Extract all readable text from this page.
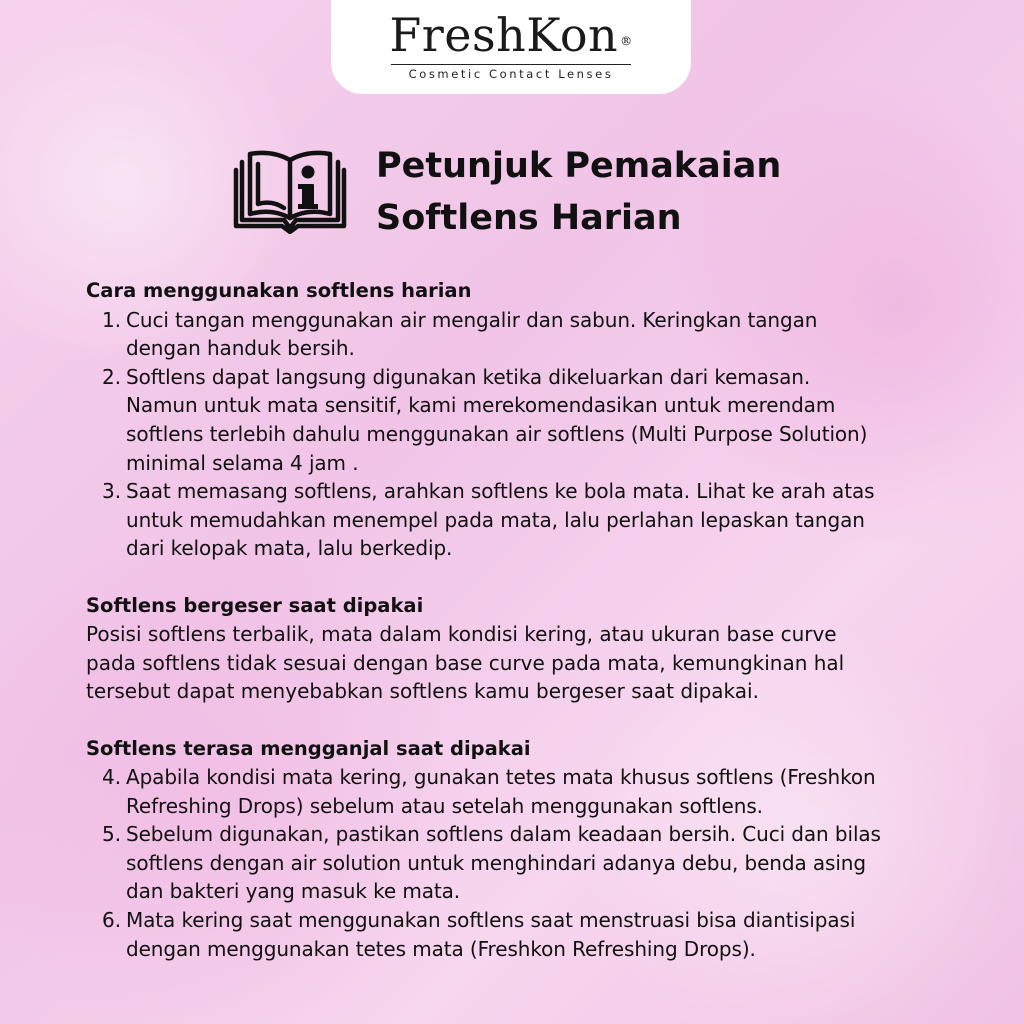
FreshKon ®
Cosmetic Contact Lenses
Petunjuk Pemakaian
Softlens Harian
Cara menggunakan softlens harian
1. Cuci tangan menggunakan air mengalir dan sabun. Keringkan tangan
dengan handuk bersih.
2. Softlens dapat langsung digunakan ketika dikeluarkan dari kemasan.
Namun untuk mata sensitif, kami merekomendasikan untuk merendam
softlens terlebih dahulu menggunakan air softlens (Multi Purpose Solution)
minimal selama 4 jam .
3. Saat memasang softlens, arahkan softlens ke bola mata. Lihat ke arah atas
untuk memudahkan menempel pada mata, lalu perlahan lepaskan tangan
dari kelopak mata, lalu berkedip.
Softlens bergeser saat dipakai
Posisi softlens terbalik, mata dalam kondisi kering, atau ukuran base curve
pada softlens tidak sesuai dengan base curve pada mata, kemungkinan hal
tersebut dapat menyebabkan softlens kamu bergeser saat dipakai.
Softlens terasa mengganjal saat dipakai
4. Apabila kondisi mata kering, gunakan tetes mata khusus softlens (Freshkon
Refreshing Drops) sebelum atau setelah menggunakan softlens.
5. Sebelum digunakan, pastikan softlens dalam keadaan bersih. Cuci dan bilas
softlens dengan air solution untuk menghindari adanya debu, benda asing
dan bakteri yang masuk ke mata.
6. Mata kering saat menggunakan softlens saat menstruasi bisa diantisipasi
dengan menggunakan tetes mata (Freshkon Refreshing Drops).
